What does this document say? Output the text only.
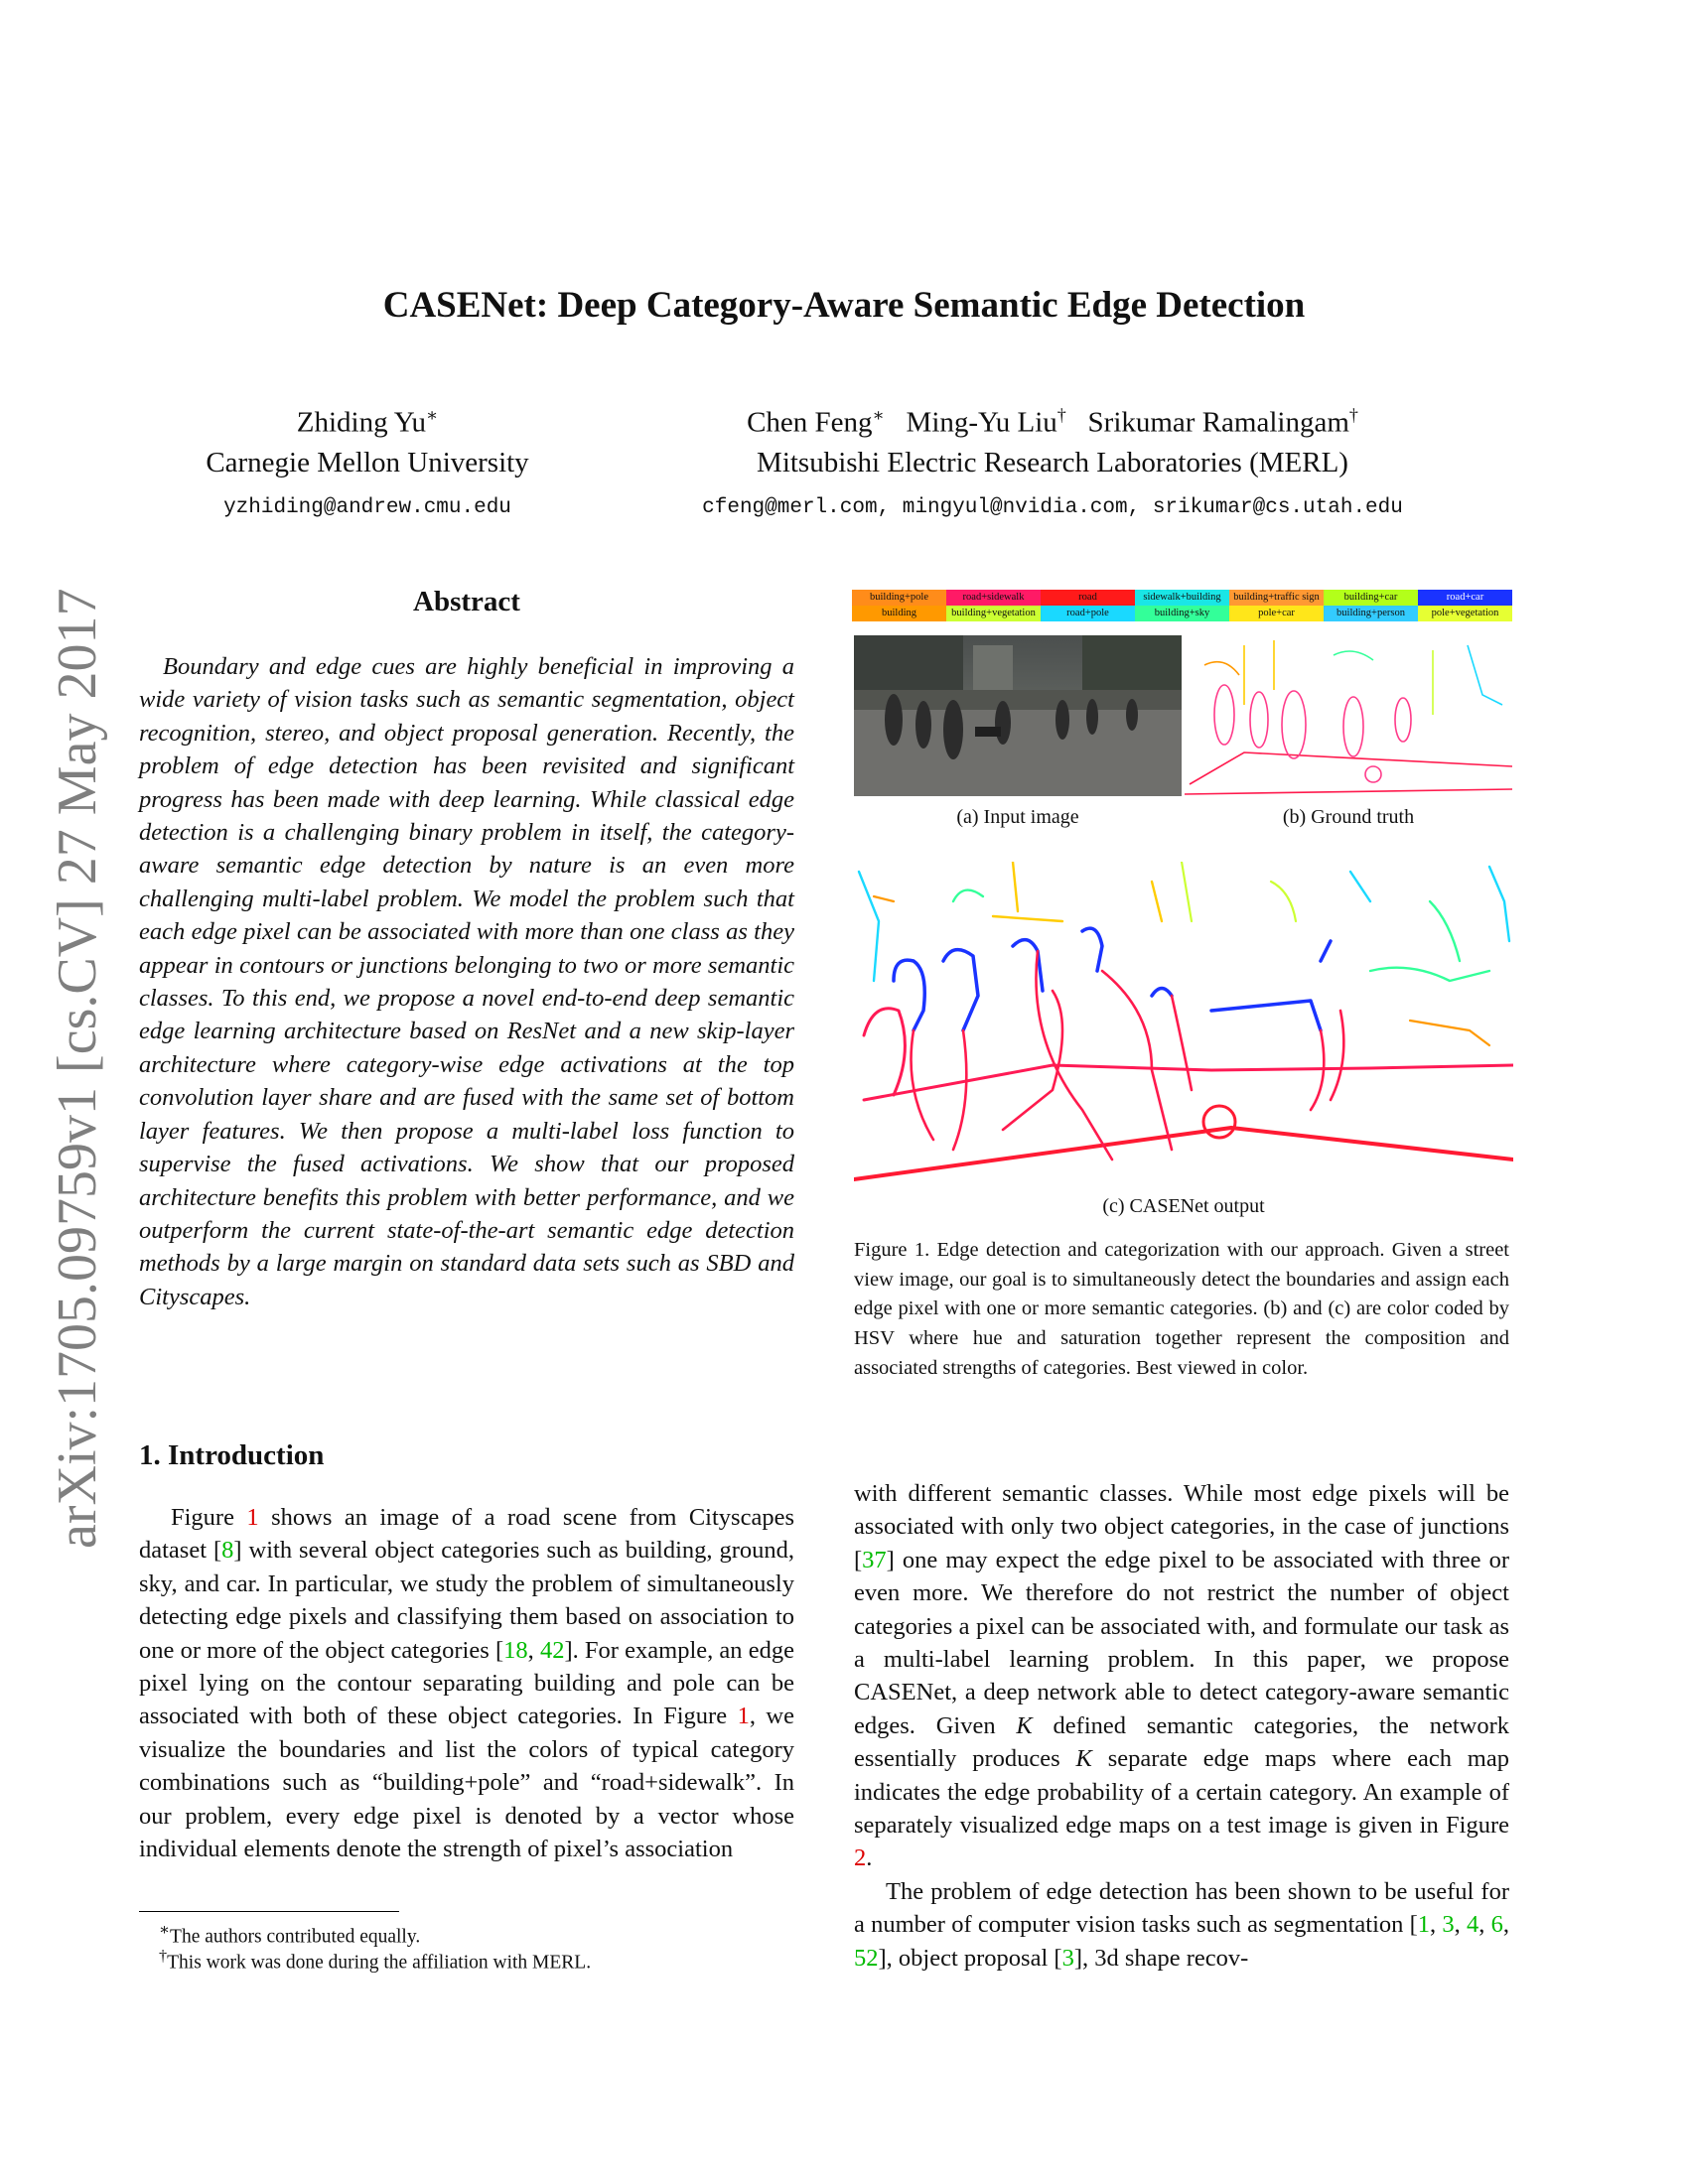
arXiv:1705.09759v1 [cs.CV] 27 May 2017
CASENet: Deep Category-Aware Semantic Edge Detection
Zhiding Yu∗
Carnegie Mellon University
yzhiding@andrew.cmu.edu
Chen Feng∗ Ming-Yu Liu† Srikumar Ramalingam†
Mitsubishi Electric Research Laboratories (MERL)
cfeng@merl.com, mingyul@nvidia.com, srikumar@cs.utah.edu
Abstract
Boundary and edge cues are highly beneficial in improving a wide variety of vision tasks such as semantic segmentation, object recognition, stereo, and object proposal generation. Recently, the problem of edge detection has been revisited and significant progress has been made with deep learning. While classical edge detection is a challenging binary problem in itself, the category-aware semantic edge detection by nature is an even more challenging multi-label problem. We model the problem such that each edge pixel can be associated with more than one class as they appear in contours or junctions belonging to two or more semantic classes. To this end, we propose a novel end-to-end deep semantic edge learning architecture based on ResNet and a new skip-layer architecture where category-wise edge activations at the top convolution layer share and are fused with the same set of bottom layer features. We then propose a multi-label loss function to supervise the fused activations. We show that our proposed architecture benefits this problem with better performance, and we outperform the current state-of-the-art semantic edge detection methods by a large margin on standard data sets such as SBD and Cityscapes.
building+pole	road+sidewalk	road	sidewalk+building	building+traffic sign	building+car	road+car
building	building+vegetation	road+pole	building+sky	pole+car	building+person	pole+vegetation
(a) Input image	(b) Ground truth
(c) CASENet output
Figure 1. Edge detection and categorization with our approach. Given a street view image, our goal is to simultaneously detect the boundaries and assign each edge pixel with one or more semantic categories. (b) and (c) are color coded by HSV where hue and saturation together represent the composition and associated strengths of categories. Best viewed in color.
1. Introduction
Figure 1 shows an image of a road scene from Cityscapes dataset [8] with several object categories such as building, ground, sky, and car. In particular, we study the problem of simultaneously detecting edge pixels and classifying them based on association to one or more of the object categories [18, 42]. For example, an edge pixel lying on the contour separating building and pole can be associated with both of these object categories. In Figure 1, we visualize the boundaries and list the colors of typical category combinations such as “building+pole” and “road+sidewalk”. In our problem, every edge pixel is denoted by a vector whose individual elements denote the strength of pixel’s association

with different semantic classes. While most edge pixels will be associated with only two object categories, in the case of junctions [37] one may expect the edge pixel to be associated with three or even more. We therefore do not restrict the number of object categories a pixel can be associated with, and formulate our task as a multi-label learning problem. In this paper, we propose CASENet, a deep network able to detect category-aware semantic edges. Given K defined semantic categories, the network essentially produces K separate edge maps where each map indicates the edge probability of a certain category. An example of separately visualized edge maps on a test image is given in Figure 2.

The problem of edge detection has been shown to be useful for a number of computer vision tasks such as segmentation [1, 3, 4, 6, 52], object proposal [3], 3d shape recov-

∗The authors contributed equally.
†This work was done during the affiliation with MERL.
